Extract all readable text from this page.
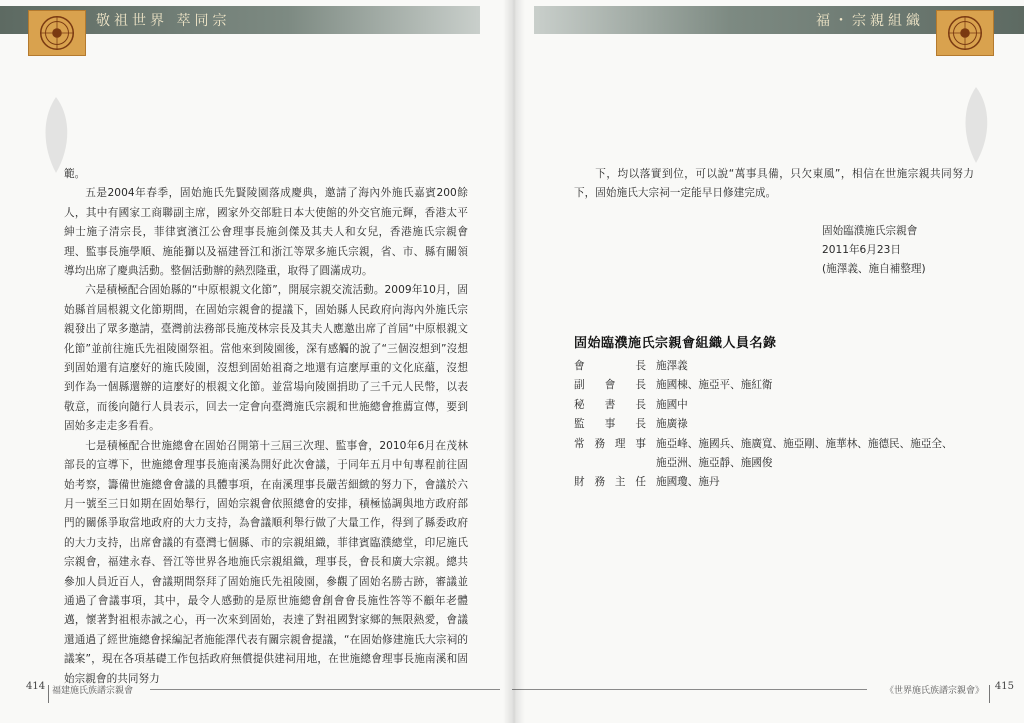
敬祖世界 萃同宗

範。

五是2004年春季，固始施氏先賢陵園落成慶典，邀請了海內外施氏嘉賓200餘人，其中有國家工商聯副主席，國家外交部駐日本大使館的外交官施元輝，香港太平紳士施子清宗長，菲律賓濱江公會理事長施剑傑及其夫人和女兒，香港施氏宗親會理、監事長施學順、施能獅以及福建晉江和浙江等眾多施氏宗親，省、市、縣有關領導均出席了慶典活動。整個活動辦的熱烈隆重，取得了圓滿成功。

六是積極配合固始縣的“中原根親文化節”，開展宗親交流活動。2009年10月，固始縣首屆根親文化節期間，在固始宗親會的提議下，固始縣人民政府向海內外施氏宗親發出了眾多邀請，臺灣前法務部長施茂林宗長及其夫人應邀出席了首屆“中原根親文化節”並前往施氏先祖陵園祭祖。當他來到陵園後，深有感觸的說了“三個沒想到”沒想到固始還有這麼好的施氏陵園，沒想到固始祖裔之地還有這麼厚重的文化底蘊，沒想到作為一個縣還辦的這麼好的根親文化節。並當場向陵園捐助了三千元人民幣，以表敬意，而後向隨行人員表示，回去一定會向臺灣施氏宗親和世施總會推薦宣傳，要到固始多走走多看看。

七是積極配合世施總會在固始召開第十三屆三次理、監事會，2010年6月在茂林部長的宣導下，世施總會理事長施南溪為開好此次會議，于同年五月中旬專程前往固始考察，籌備世施總會會議的具體事項，在南溪理事長嚴苦細緻的努力下，會議於六月一號至三日如期在固始舉行，固始宗親會依照總會的安排，積極協調與地方政府部門的關係爭取當地政府的大力支持，為會議順利舉行做了大量工作，得到了縣委政府的大力支持，出席會議的有臺灣七個縣、市的宗親組織，菲律賓臨濮總堂，印尼施氏宗親會，福建永春、晉江等世界各地施氏宗親組織，理事長，會長和廣大宗親。總共參加人員近百人，會議期間祭拜了固始施氏先祖陵園，參觀了固始名勝古跡，審議並通過了會議事項，其中，最令人感動的是原世施總會創會會長施性答等不顧年老體邁，懷著對祖根赤誠之心，再一次來到固始，表達了對祖國對家鄉的無限熱愛，會議還通過了經世施總會採編記者施能澤代表有關宗親會提議，“在固始修建施氏大宗祠的議案”，現在各項基礎工作包括政府無償提供建祠用地，在世施總會理事長施南溪和固始宗親會的共同努力

414 福建施氏族譜宗親會
福・宗親組織

下，均以落實到位，可以說“萬事具備，只欠東風”，相信在世施宗親共同努力下，固始施氏大宗祠一定能早日修建完成。

固始臨濮施氏宗親會
2011年6月23日
(施澤義、施自補整理)
固始臨濮施氏宗親會組織人員名錄
會　長 施澤義
副會長 施國棟、施亞平、施紅衛
秘書長 施國中
監事長 施廣祿
常務理事 施亞峰、施國兵、施廣寬、施亞剛、施華林、施德民、施亞全、
施亞洲、施亞靜、施國俊
財務主任 施國瓊、施丹
《世界施氏族譜宗親會》 415
